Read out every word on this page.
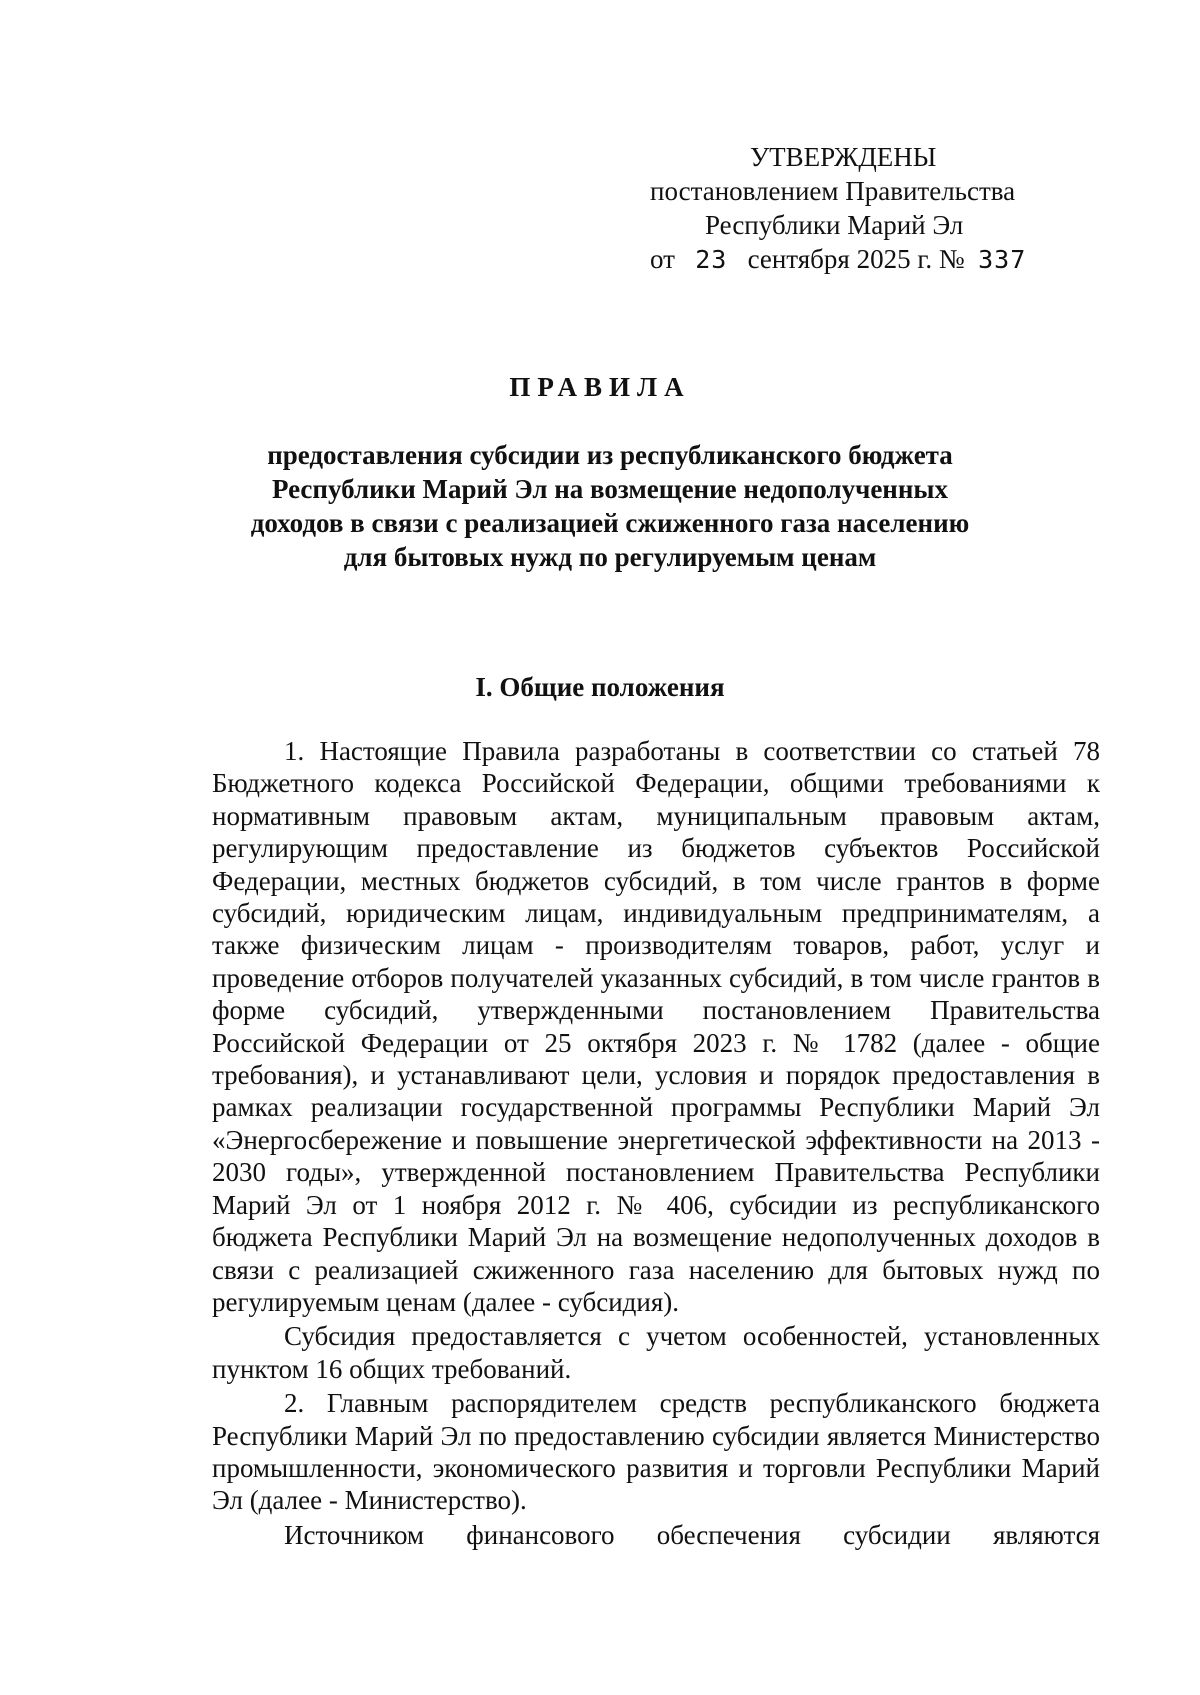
УТВЕРЖДЕНЫ
постановлением Правительства
Республики Марий Эл
от 23 сентября 2025 г. № 337
ПРАВИЛА
предоставления субсидии из республиканского бюджета
Республики Марий Эл на возмещение недополученных
доходов в связи с реализацией сжиженного газа населению
для бытовых нужд по регулируемым ценам
I. Общие положения

1. Настоящие Правила разработаны в соответствии со статьей 78 Бюджетного кодекса Российской Федерации, общими требованиями к нормативным правовым актам, муниципальным правовым актам, регулирующим предоставление из бюджетов субъектов Российской Федерации, местных бюджетов субсидий, в том числе грантов в форме субсидий, юридическим лицам, индивидуальным предпринимателям, а также физическим лицам - производителям товаров, работ, услуг и проведение отборов получателей указанных субсидий, в том числе грантов в форме субсидий, утвержденными постановлением Правительства Российской Федерации от 25 октября 2023 г. № 1782 (далее - общие требования), и устанавливают цели, условия и порядок предоставления в рамках реализации государственной программы Республики Марий Эл «Энергосбережение и повышение энергетической эффективности на 2013 - 2030 годы», утвержденной постановлением Правительства Республики Марий Эл от 1 ноября 2012 г. № 406, субсидии из республиканского бюджета Республики Марий Эл на возмещение недополученных доходов в связи с реализацией сжиженного газа населению для бытовых нужд по регулируемым ценам (далее - субсидия).

Субсидия предоставляется с учетом особенностей, установленных пунктом 16 общих требований.

2. Главным распорядителем средств республиканского бюджета Республики Марий Эл по предоставлению субсидии является Министерство промышленности, экономического развития и торговли Республики Марий Эл (далее - Министерство).

Источником финансового обеспечения субсидии являются
